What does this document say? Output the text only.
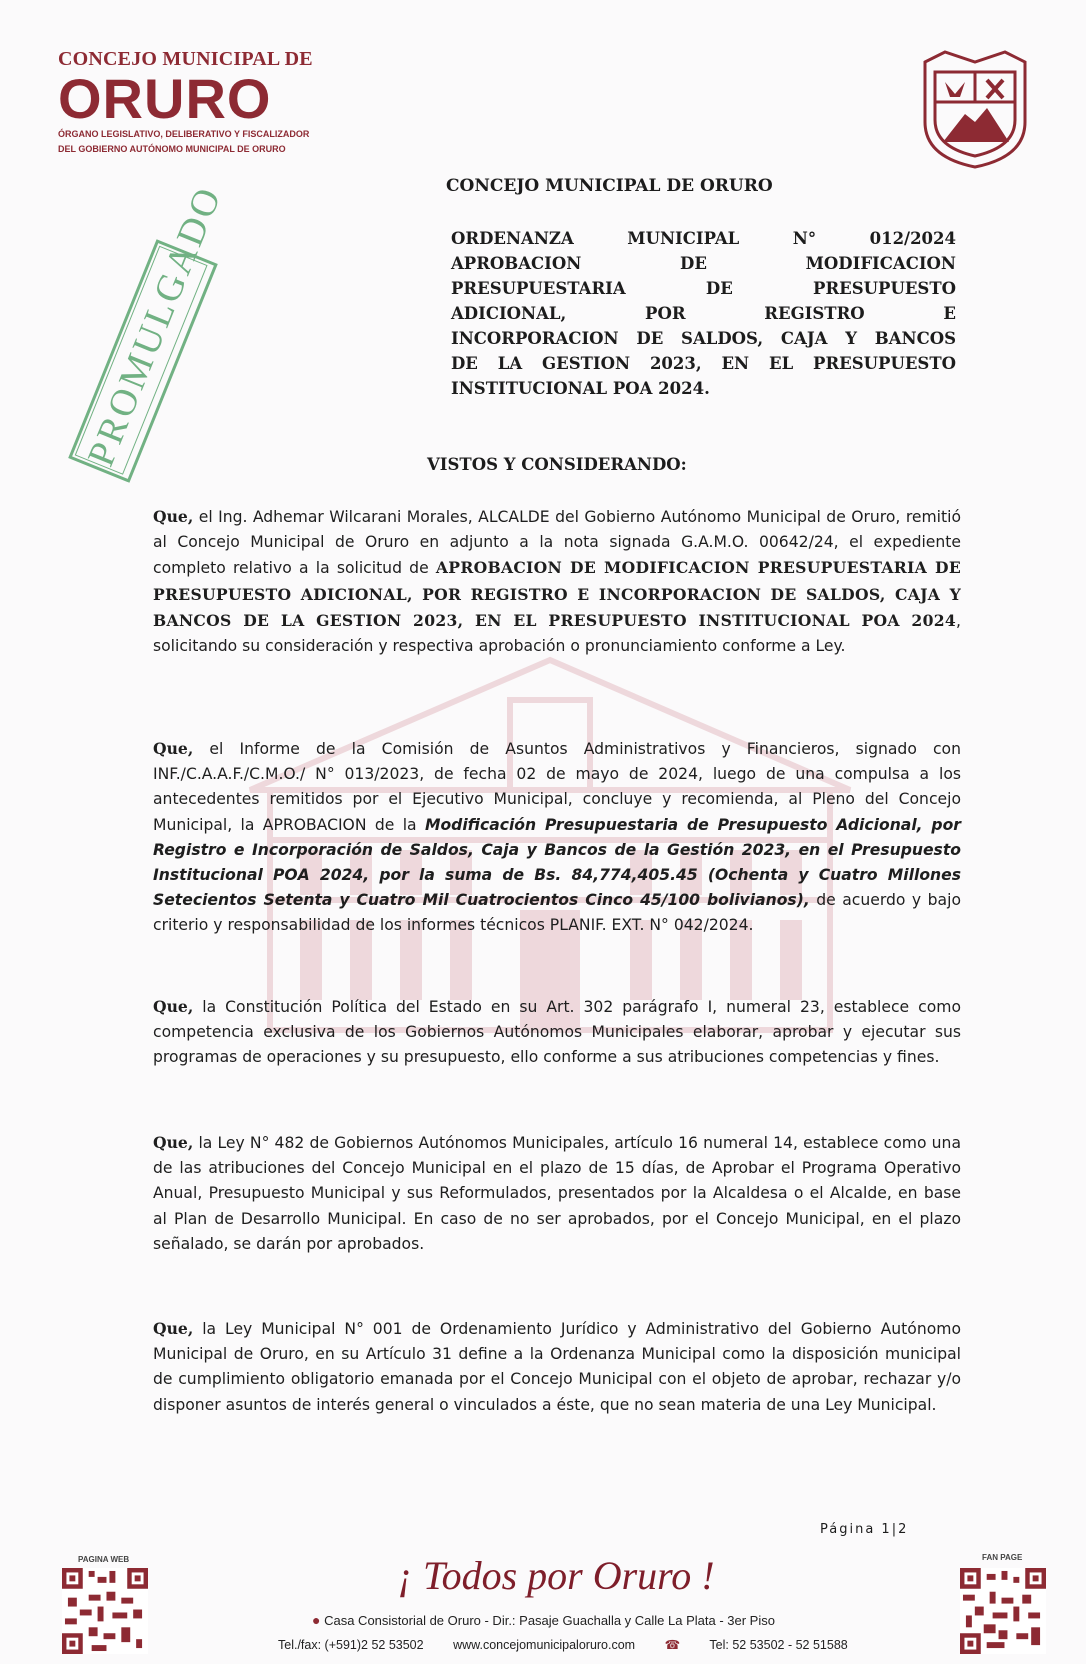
CONCEJO MUNICIPAL DE
ORURO
ÓRGANO LEGISLATIVO, DELIBERATIVO Y FISCALIZADOR
DEL GOBIERNO AUTÓNOMO MUNICIPAL DE ORURO
PROMULGADO	CONCEJO MUNICIPAL DE ORURO
ORDENANZA MUNICIPAL N° 012/2024
APROBACION DE MODIFICACION
PRESUPUESTARIA DE PRESUPUESTO
ADICIONAL, POR REGISTRO E
INCORPORACION DE SALDOS, CAJA Y BANCOS
DE LA GESTION 2023, EN EL PRESUPUESTO
INSTITUCIONAL POA 2024.
VISTOS Y CONSIDERANDO:
Que, el Ing. Adhemar Wilcarani Morales, ALCALDE del Gobierno Autónomo Municipal de Oruro, remitió al Concejo Municipal de Oruro en adjunto a la nota signada G.A.M.O. 00642/24, el expediente completo relativo a la solicitud de APROBACION DE MODIFICACION PRESUPUESTARIA DE PRESUPUESTO ADICIONAL, POR REGISTRO E INCORPORACION DE SALDOS, CAJA Y BANCOS DE LA GESTION 2023, EN EL PRESUPUESTO INSTITUCIONAL POA 2024, solicitando su consideración y respectiva aprobación o pronunciamiento conforme a Ley.
Que, el Informe de la Comisión de Asuntos Administrativos y Financieros, signado con INF./C.A.A.F./C.M.O./ N° 013/2023, de fecha 02 de mayo de 2024, luego de una compulsa a los antecedentes remitidos por el Ejecutivo Municipal, concluye y recomienda, al Pleno del Concejo Municipal, la APROBACION de la Modificación Presupuestaria de Presupuesto Adicional, por Registro e Incorporación de Saldos, Caja y Bancos de la Gestión 2023, en el Presupuesto Institucional POA 2024, por la suma de Bs. 84,774,405.45 (Ochenta y Cuatro Millones Setecientos Setenta y Cuatro Mil Cuatrocientos Cinco 45/100 bolivianos), de acuerdo y bajo criterio y responsabilidad de los informes técnicos PLANIF. EXT. N° 042/2024.
Que, la Constitución Política del Estado en su Art. 302 parágrafo I, numeral 23, establece como competencia exclusiva de los Gobiernos Autónomos Municipales elaborar, aprobar y ejecutar sus programas de operaciones y su presupuesto, ello conforme a sus atribuciones competencias y fines.
Que, la Ley N° 482 de Gobiernos Autónomos Municipales, artículo 16 numeral 14, establece como una de las atribuciones del Concejo Municipal en el plazo de 15 días, de Aprobar el Programa Operativo Anual, Presupuesto Municipal y sus Reformulados, presentados por la Alcaldesa o el Alcalde, en base al Plan de Desarrollo Municipal. En caso de no ser aprobados, por el Concejo Municipal, en el plazo señalado, se darán por aprobados.
Que, la Ley Municipal N° 001 de Ordenamiento Jurídico y Administrativo del Gobierno Autónomo Municipal de Oruro, en su Artículo 31 define a la Ordenanza Municipal como la disposición municipal de cumplimiento obligatorio emanada por el Concejo Municipal con el objeto de aprobar, rechazar y/o disponer asuntos de interés general o vinculados a éste, que no sean materia de una Ley Municipal.
Página 1|2
PAGINA WEB	¡ Todos por Oruro !
● Casa Consistorial de Oruro - Dir.: Pasaje Guachalla y Calle La Plata - 3er Piso
Tel./fax: (+591)2 52 53502 www.concejomunicipaloruro.com ☎ Tel: 52 53502 - 52 51588
FAN PAGE
